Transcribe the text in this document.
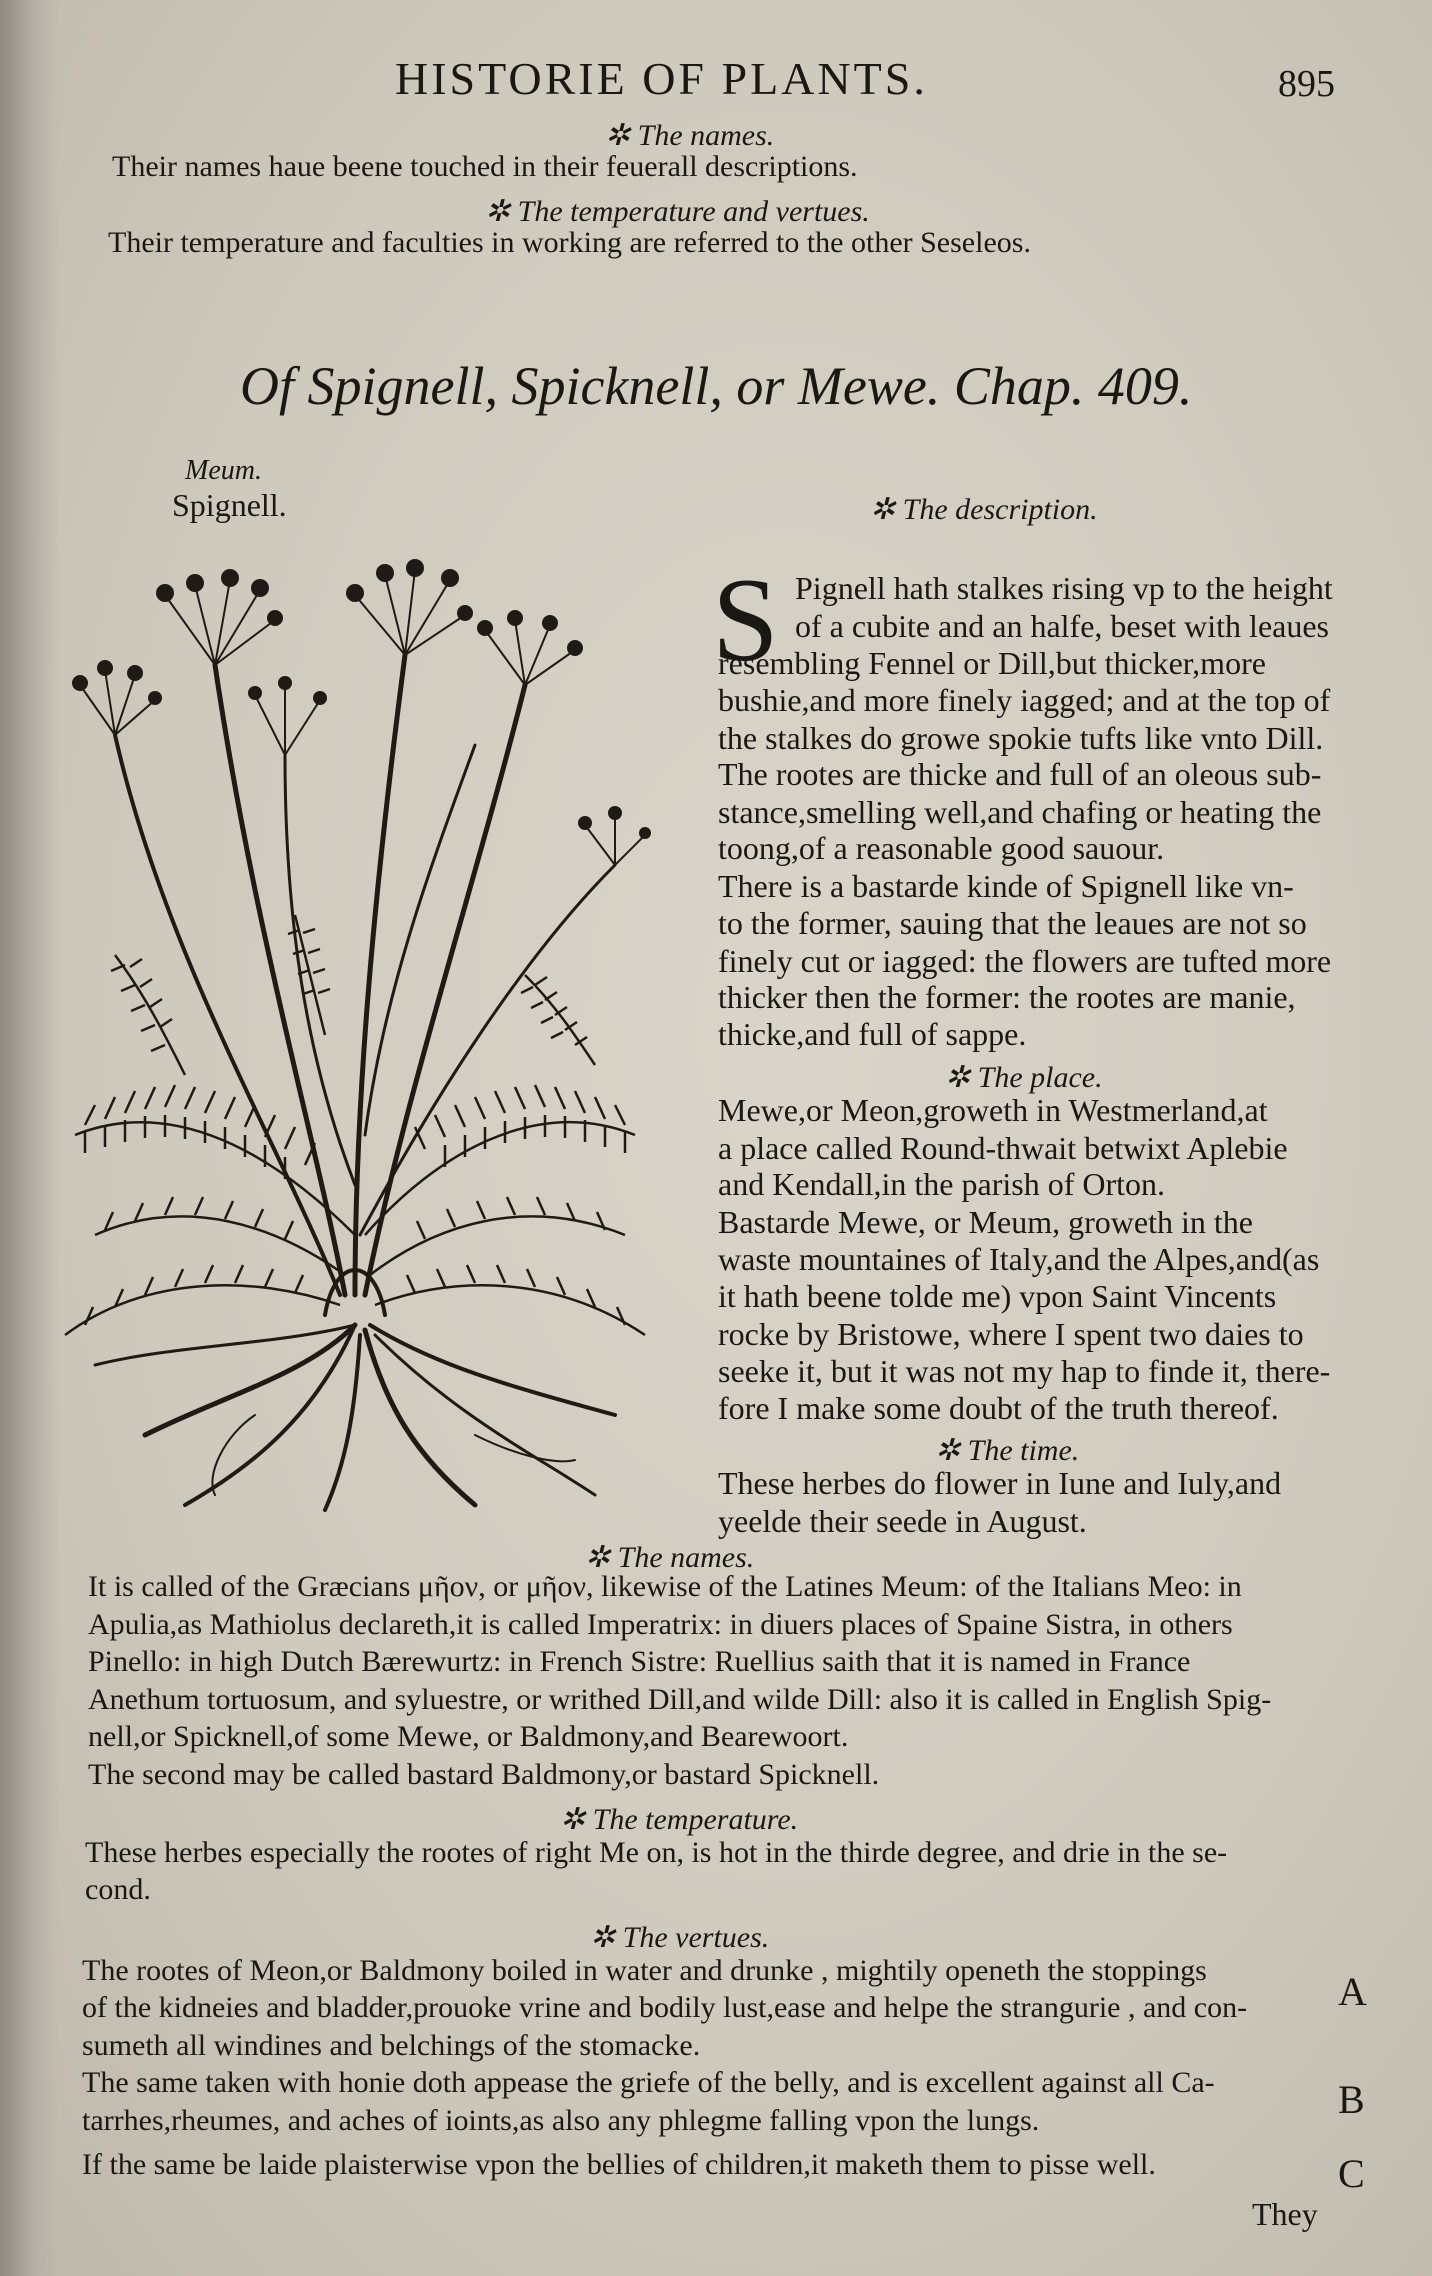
HISTORIE OF PLANTS.	895
✲ The names.
Their names haue beene touched in their feuerall descriptions.
✲ The temperature and vertues.
Their temperature and faculties in working are referred to the other Seseleos.
Of Spignell, Spicknell, or Mewe. Chap. 409.
Meum.
Spignell.	✲ The description.
S Pignell hath stalkes rising vp to the height
of a cubite and an halfe, beset with leaues
resembling Fennel or Dill,but thicker,more
bushie,and more finely iagged; and at the top of
the stalkes do growe spokie tufts like vnto Dill.
The rootes are thicke and full of an oleous sub-
stance,smelling well,and chafing or heating the
toong,of a reasonable good sauour.
There is a bastarde kinde of Spignell like vn-
to the former, sauing that the leaues are not so
finely cut or iagged: the flowers are tufted more
thicker then the former: the rootes are manie,
thicke,and full of sappe.
✲ The place.
Mewe,or Meon,groweth in Westmerland,at
a place called Round-thwait betwixt Aplebie
and Kendall,in the parish of Orton.
Bastarde Mewe, or Meum, groweth in the
waste mountaines of Italy,and the Alpes,and(as
it hath beene tolde me) vpon Saint Vincents
rocke by Bristowe, where I spent two daies to
seeke it, but it was not my hap to finde it, there-
fore I make some doubt of the truth thereof.
✲ The time.
These herbes do flower in Iune and Iuly,and
yeelde their seede in August.
✲ The names.
It is called of the Græcians μῆον, or μῆον, likewise of the Latines Meum: of the Italians Meo: in
Apulia,as Mathiolus declareth,it is called Imperatrix: in diuers places of Spaine Sistra, in others
Pinello: in high Dutch Bærewurtz: in French Sistre: Ruellius saith that it is named in France
Anethum tortuosum, and syluestre, or writhed Dill,and wilde Dill: also it is called in English Spig-
nell,or Spicknell,of some Mewe, or Baldmony,and Bearewoort.
The second may be called bastard Baldmony,or bastard Spicknell.
✲ The temperature.
These herbes especially the rootes of right Me on, is hot in the thirde degree, and drie in the se-
cond.
✲ The vertues.
The rootes of Meon,or Baldmony boiled in water and drunke , mightily openeth the stoppings
of the kidneies and bladder,prouoke vrine and bodily lust,ease and helpe the strangurie , and con-
sumeth all windines and belchings of the stomacke.
The same taken with honie doth appease the griefe of the belly, and is excellent against all Ca-
tarrhes,rheumes, and aches of ioints,as also any phlegme falling vpon the lungs.
If the same be laide plaisterwise vpon the bellies of children,it maketh them to pisse well.
A
B
C
They
